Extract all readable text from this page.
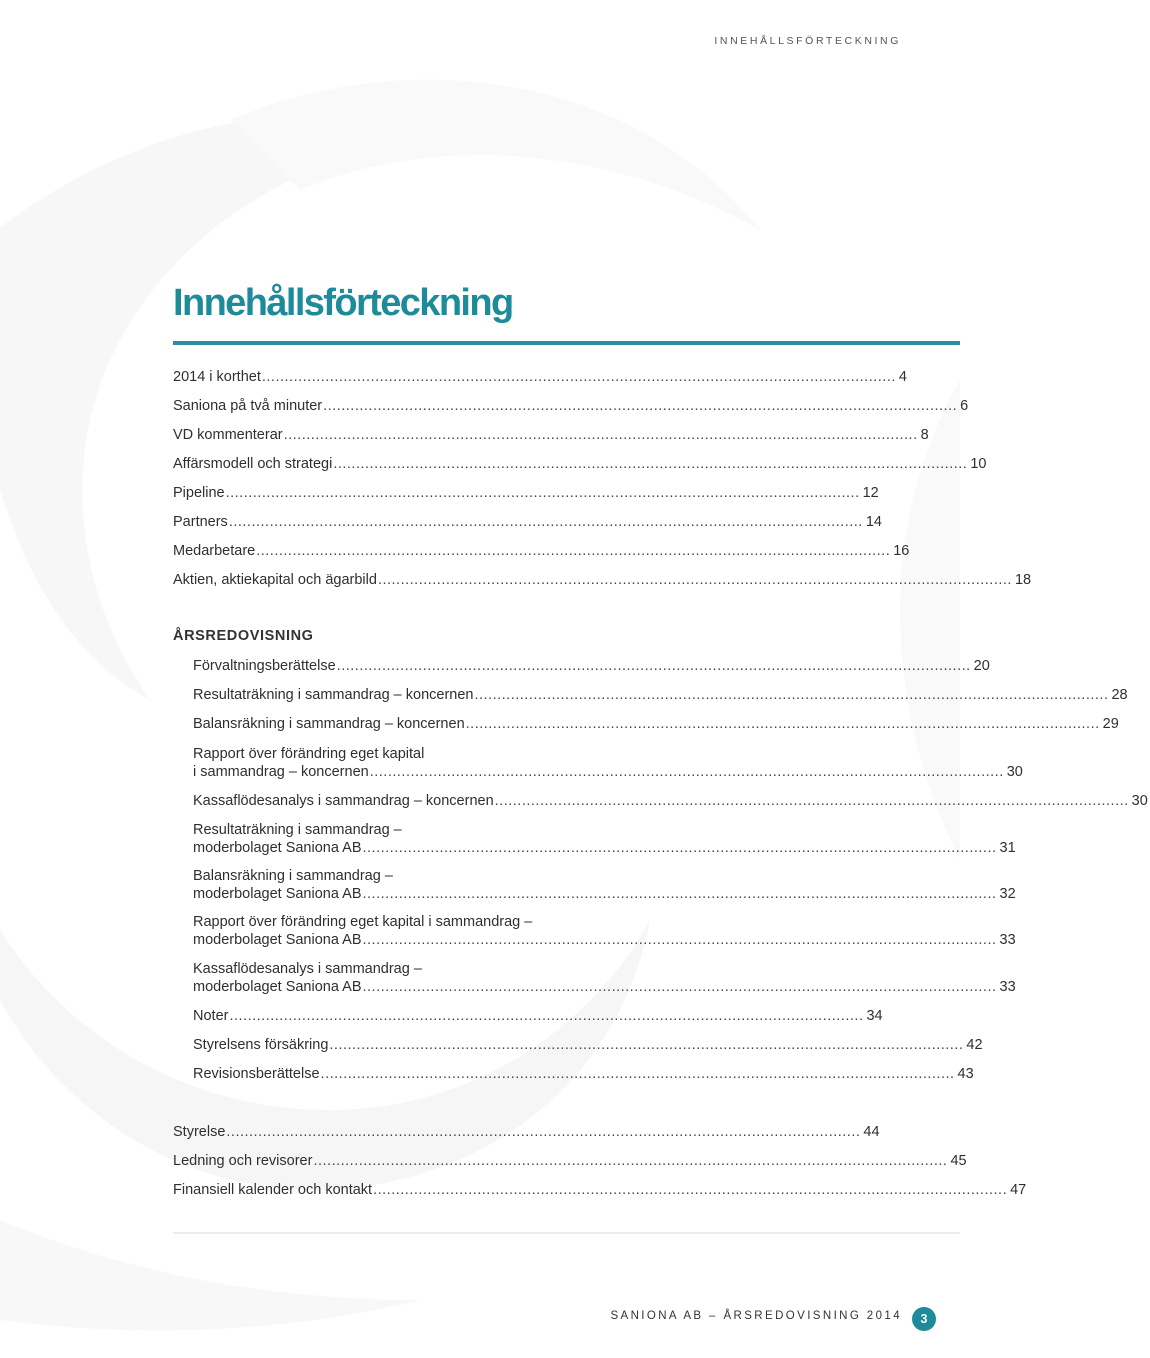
INNEHÅLLSFÖRTECKNING
Innehållsförteckning
2014 i korthet ............................................................................................................................................ 4
Saniona på två minuter ............................................................................................................................................ 6
VD kommenterar ............................................................................................................................................ 8
Affärsmodell och strategi ............................................................................................................................................ 10
Pipeline ............................................................................................................................................ 12
Partners ............................................................................................................................................ 14
Medarbetare ............................................................................................................................................ 16
Aktien, aktiekapital och ägarbild ............................................................................................................................................ 18
ÅRSREDOVISNING
Förvaltningsberättelse ............................................................................................................................................ 20
Resultaträkning i sammandrag – koncernen ............................................................................................................................................ 28
Balansräkning i sammandrag – koncernen ............................................................................................................................................ 29
Rapport över förändring eget kapital
i sammandrag – koncernen ............................................................................................................................................ 30
Kassaflödesanalys i sammandrag – koncernen ............................................................................................................................................ 30
Resultaträkning i sammandrag –
moderbolaget Saniona AB ............................................................................................................................................ 31
Balansräkning i sammandrag –
moderbolaget Saniona AB ............................................................................................................................................ 32
Rapport över förändring eget kapital i sammandrag –
moderbolaget Saniona AB ............................................................................................................................................ 33
Kassaflödesanalys i sammandrag –
moderbolaget Saniona AB ............................................................................................................................................ 33
Noter ............................................................................................................................................ 34
Styrelsens försäkring ............................................................................................................................................ 42
Revisionsberättelse ............................................................................................................................................ 43
Styrelse ............................................................................................................................................ 44
Ledning och revisorer ............................................................................................................................................ 45
Finansiell kalender och kontakt ............................................................................................................................................ 47
SANIONA AB – ÅRSREDOVISNING 2014	3
